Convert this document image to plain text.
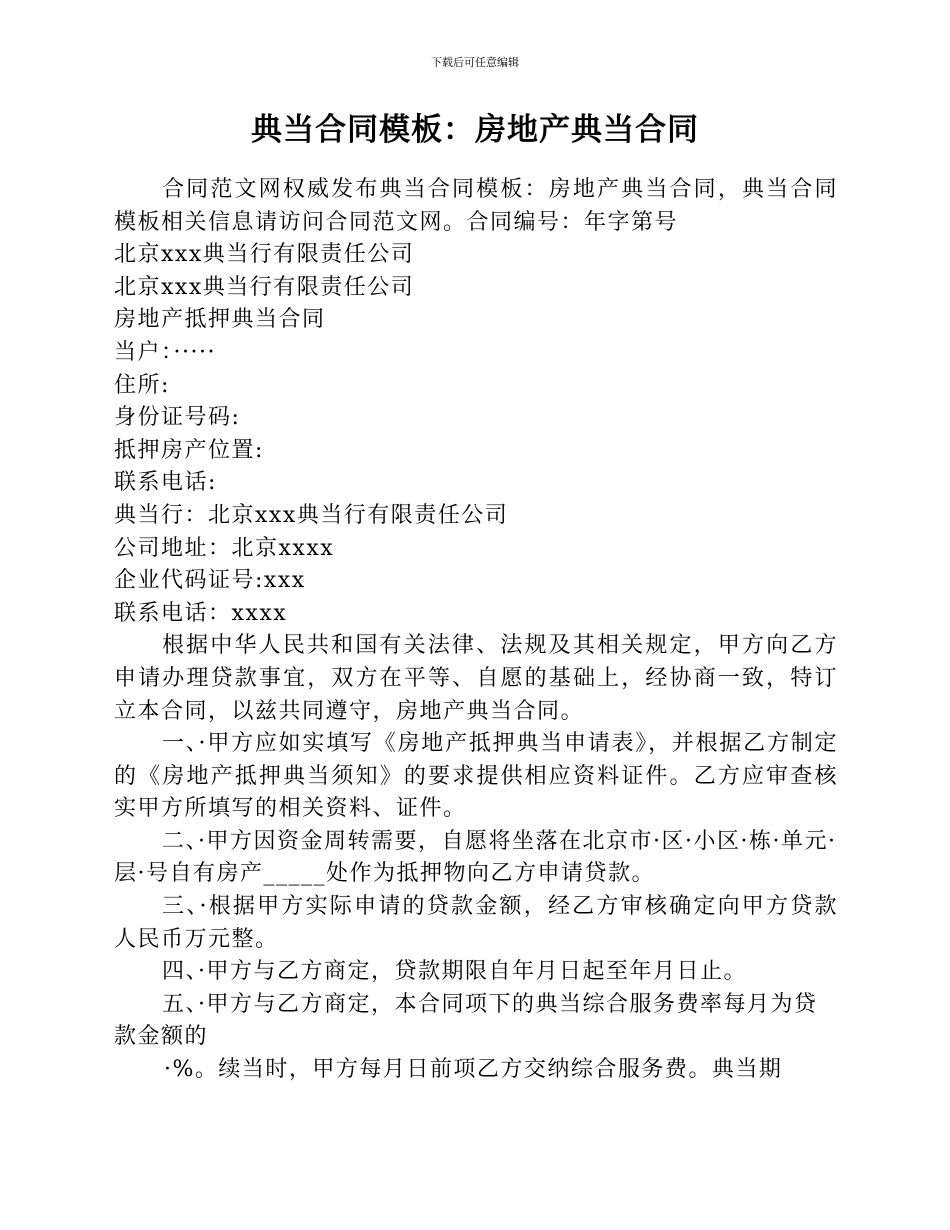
下载后可任意编辑
典当合同模板：房地产典当合同

合同范文网权威发布典当合同模板：房地产典当合同，典当合同模板相关信息请访问合同范文网。合同编号：年字第号

北京xxx典当行有限责任公司

北京xxx典当行有限责任公司

房地产抵押典当合同

当户：·····

住所:

身份证号码:

抵押房产位置:

联系电话:

典当行：北京xxx典当行有限责任公司

公司地址：北京xxxx

企业代码证号:xxx

联系电话：xxxx

根据中华人民共和国有关法律、法规及其相关规定，甲方向乙方申请办理贷款事宜，双方在平等、自愿的基础上，经协商一致，特订立本合同，以兹共同遵守，房地产典当合同。

一、·甲方应如实填写《房地产抵押典当申请表》，并根据乙方制定的《房地产抵押典当须知》的要求提供相应资料证件。乙方应审查核实甲方所填写的相关资料、证件。

二、·甲方因资金周转需要，自愿将坐落在北京市·区·小区·栋·单元·层·号自有房产_____处作为抵押物向乙方申请贷款。

三、·根据甲方实际申请的贷款金额，经乙方审核确定向甲方贷款人民币万元整。

四、·甲方与乙方商定，贷款期限自年月日起至年月日止。

五、·甲方与乙方商定，本合同项下的典当综合服务费率每月为贷款金额的

·%。续当时，甲方每月日前项乙方交纳综合服务费。典当期
